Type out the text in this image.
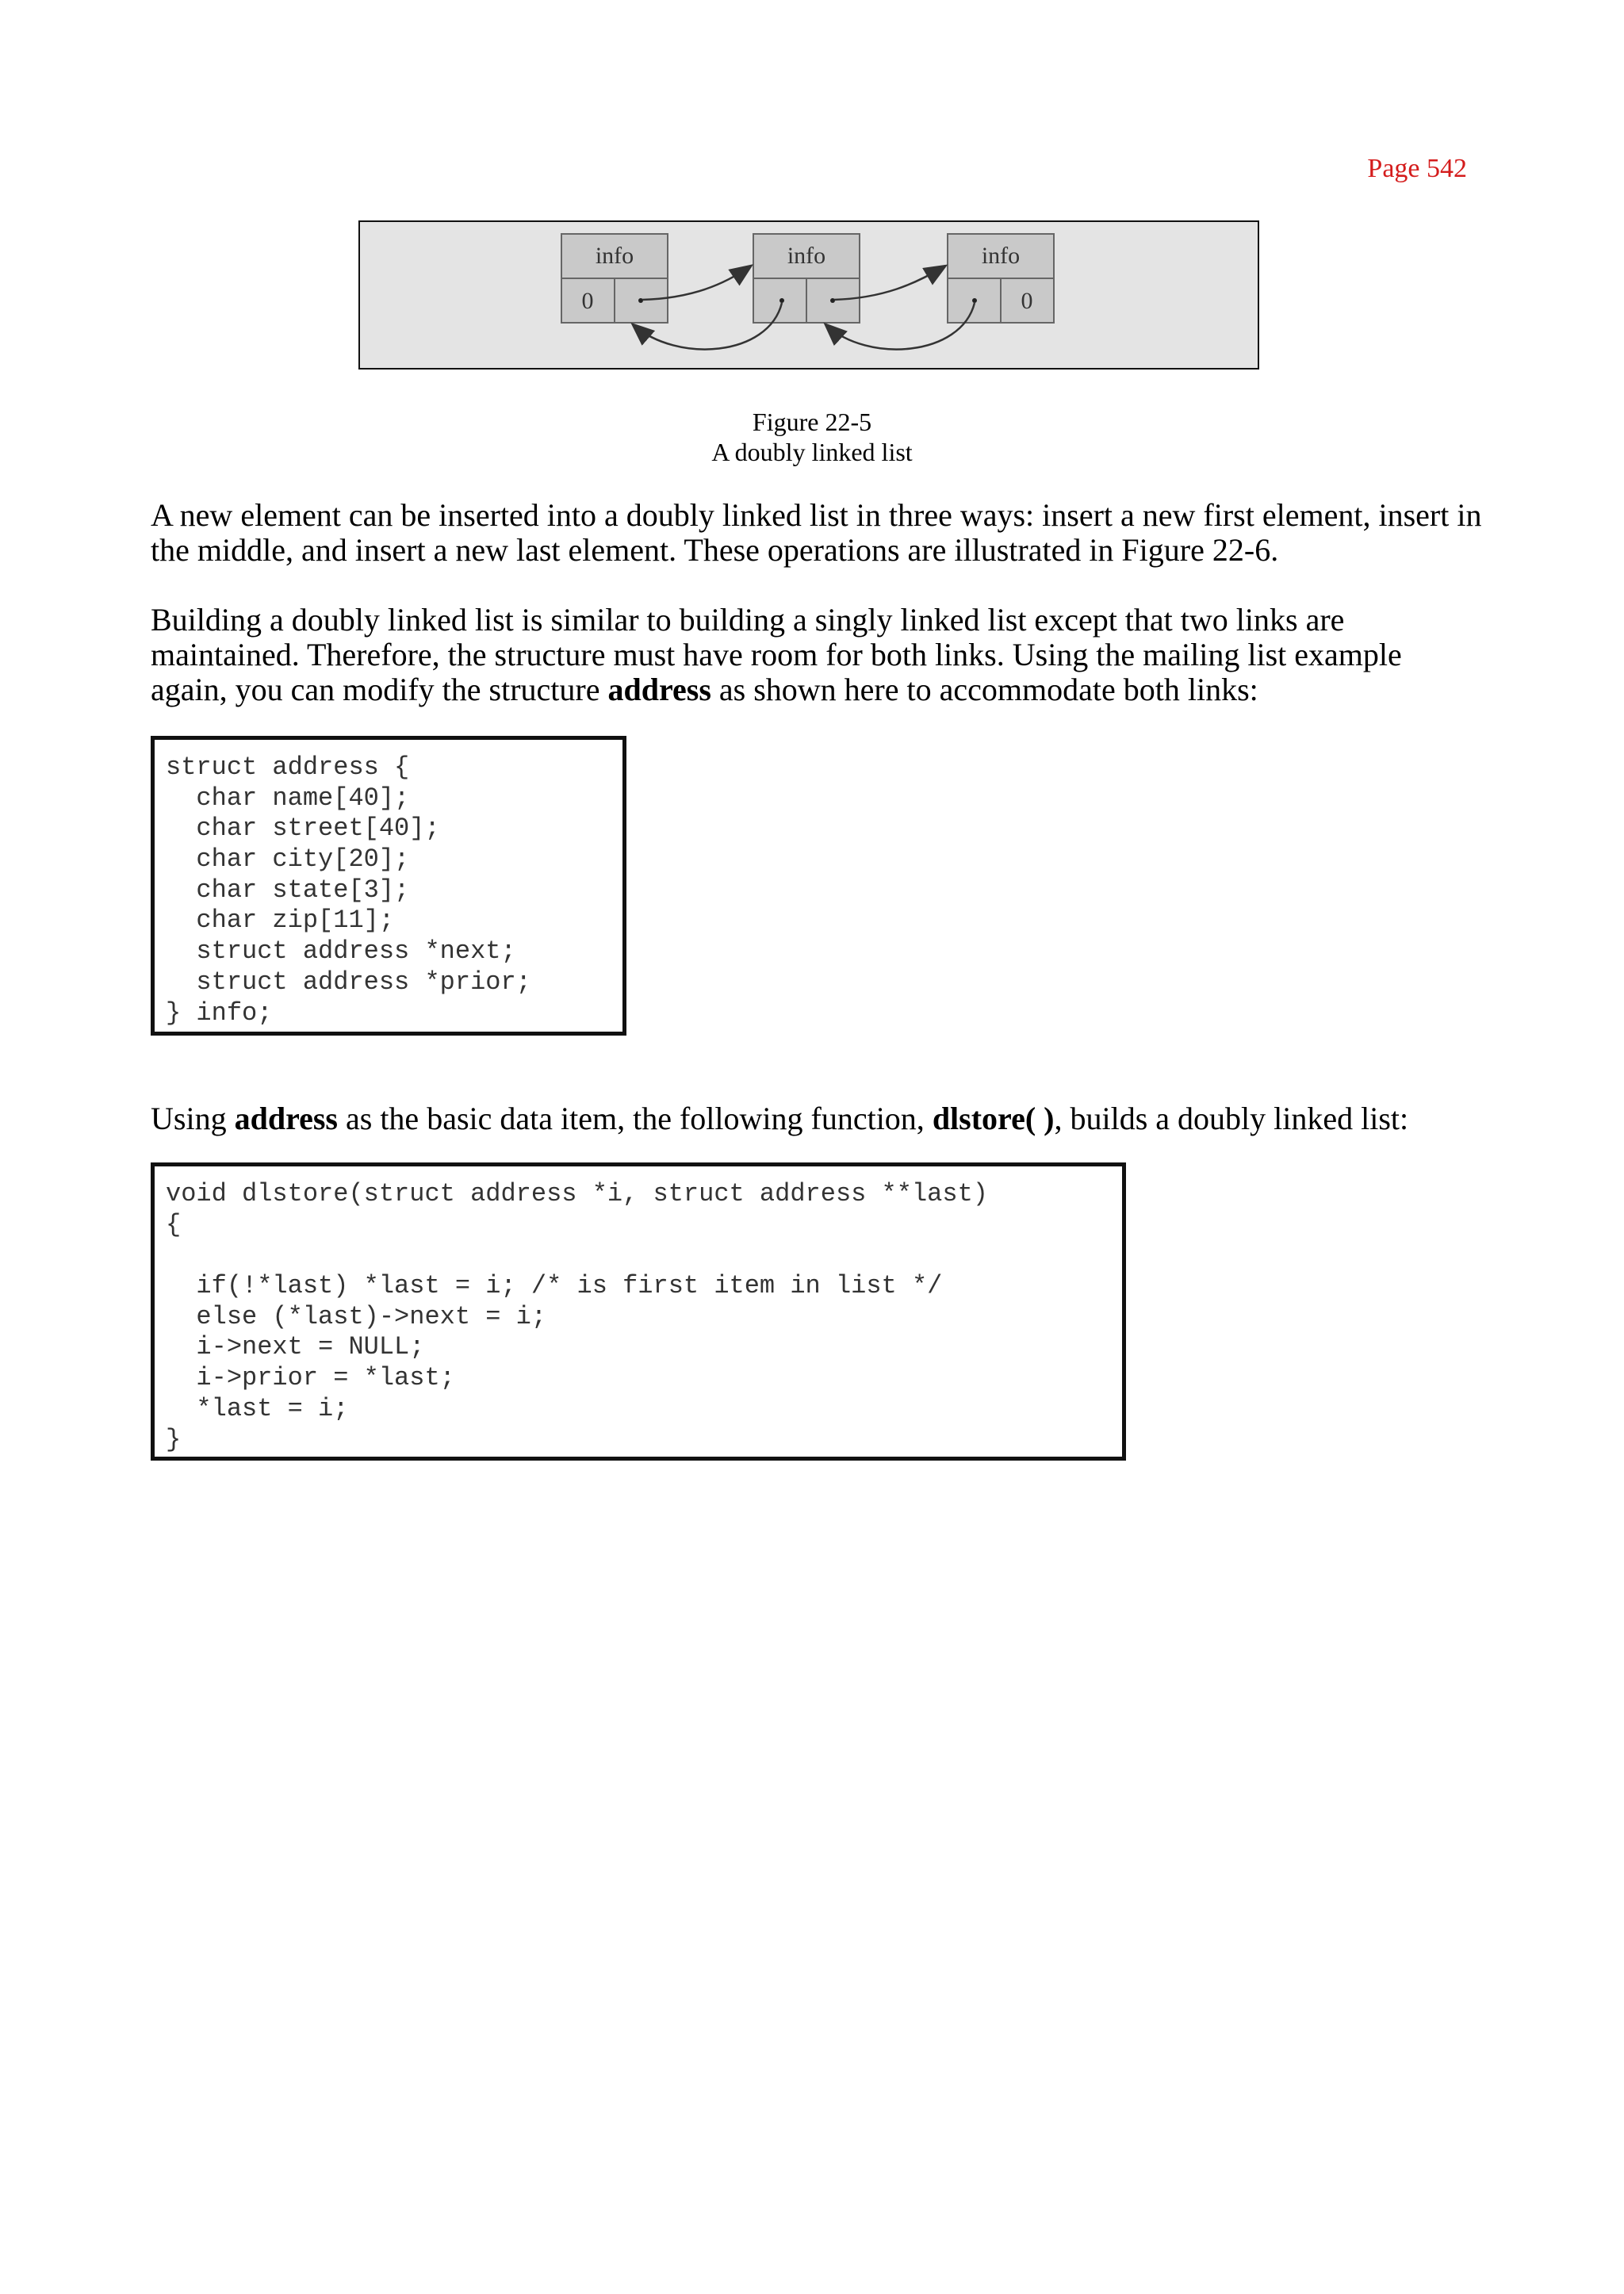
Page 542
info
0
info	info
0
Figure 22-5
A doubly linked list

A new element can be inserted into a doubly linked list in three ways: insert a new first element, insert in the middle, and insert a new last element. These operations are illustrated in Figure 22-6.

Building a doubly linked list is similar to building a singly linked list except that two links are
maintained. Therefore, the structure must have room for both links. Using the mailing list example
again, you can modify the structure address as shown here to accommodate both links:

struct address {
char name[40];
char street[40];
char city[20];
char state[3];
char zip[11];
struct address *next;
struct address *prior;
} info;

Using address as the basic data item, the following function, dlstore( ), builds a doubly linked list:

void dlstore(struct address *i, struct address **last)
{
if(!*last) *last = i; /* is first item in list */
else (*last)->next = i;
i->next = NULL;
i->prior = *last;
*last = i;
}
